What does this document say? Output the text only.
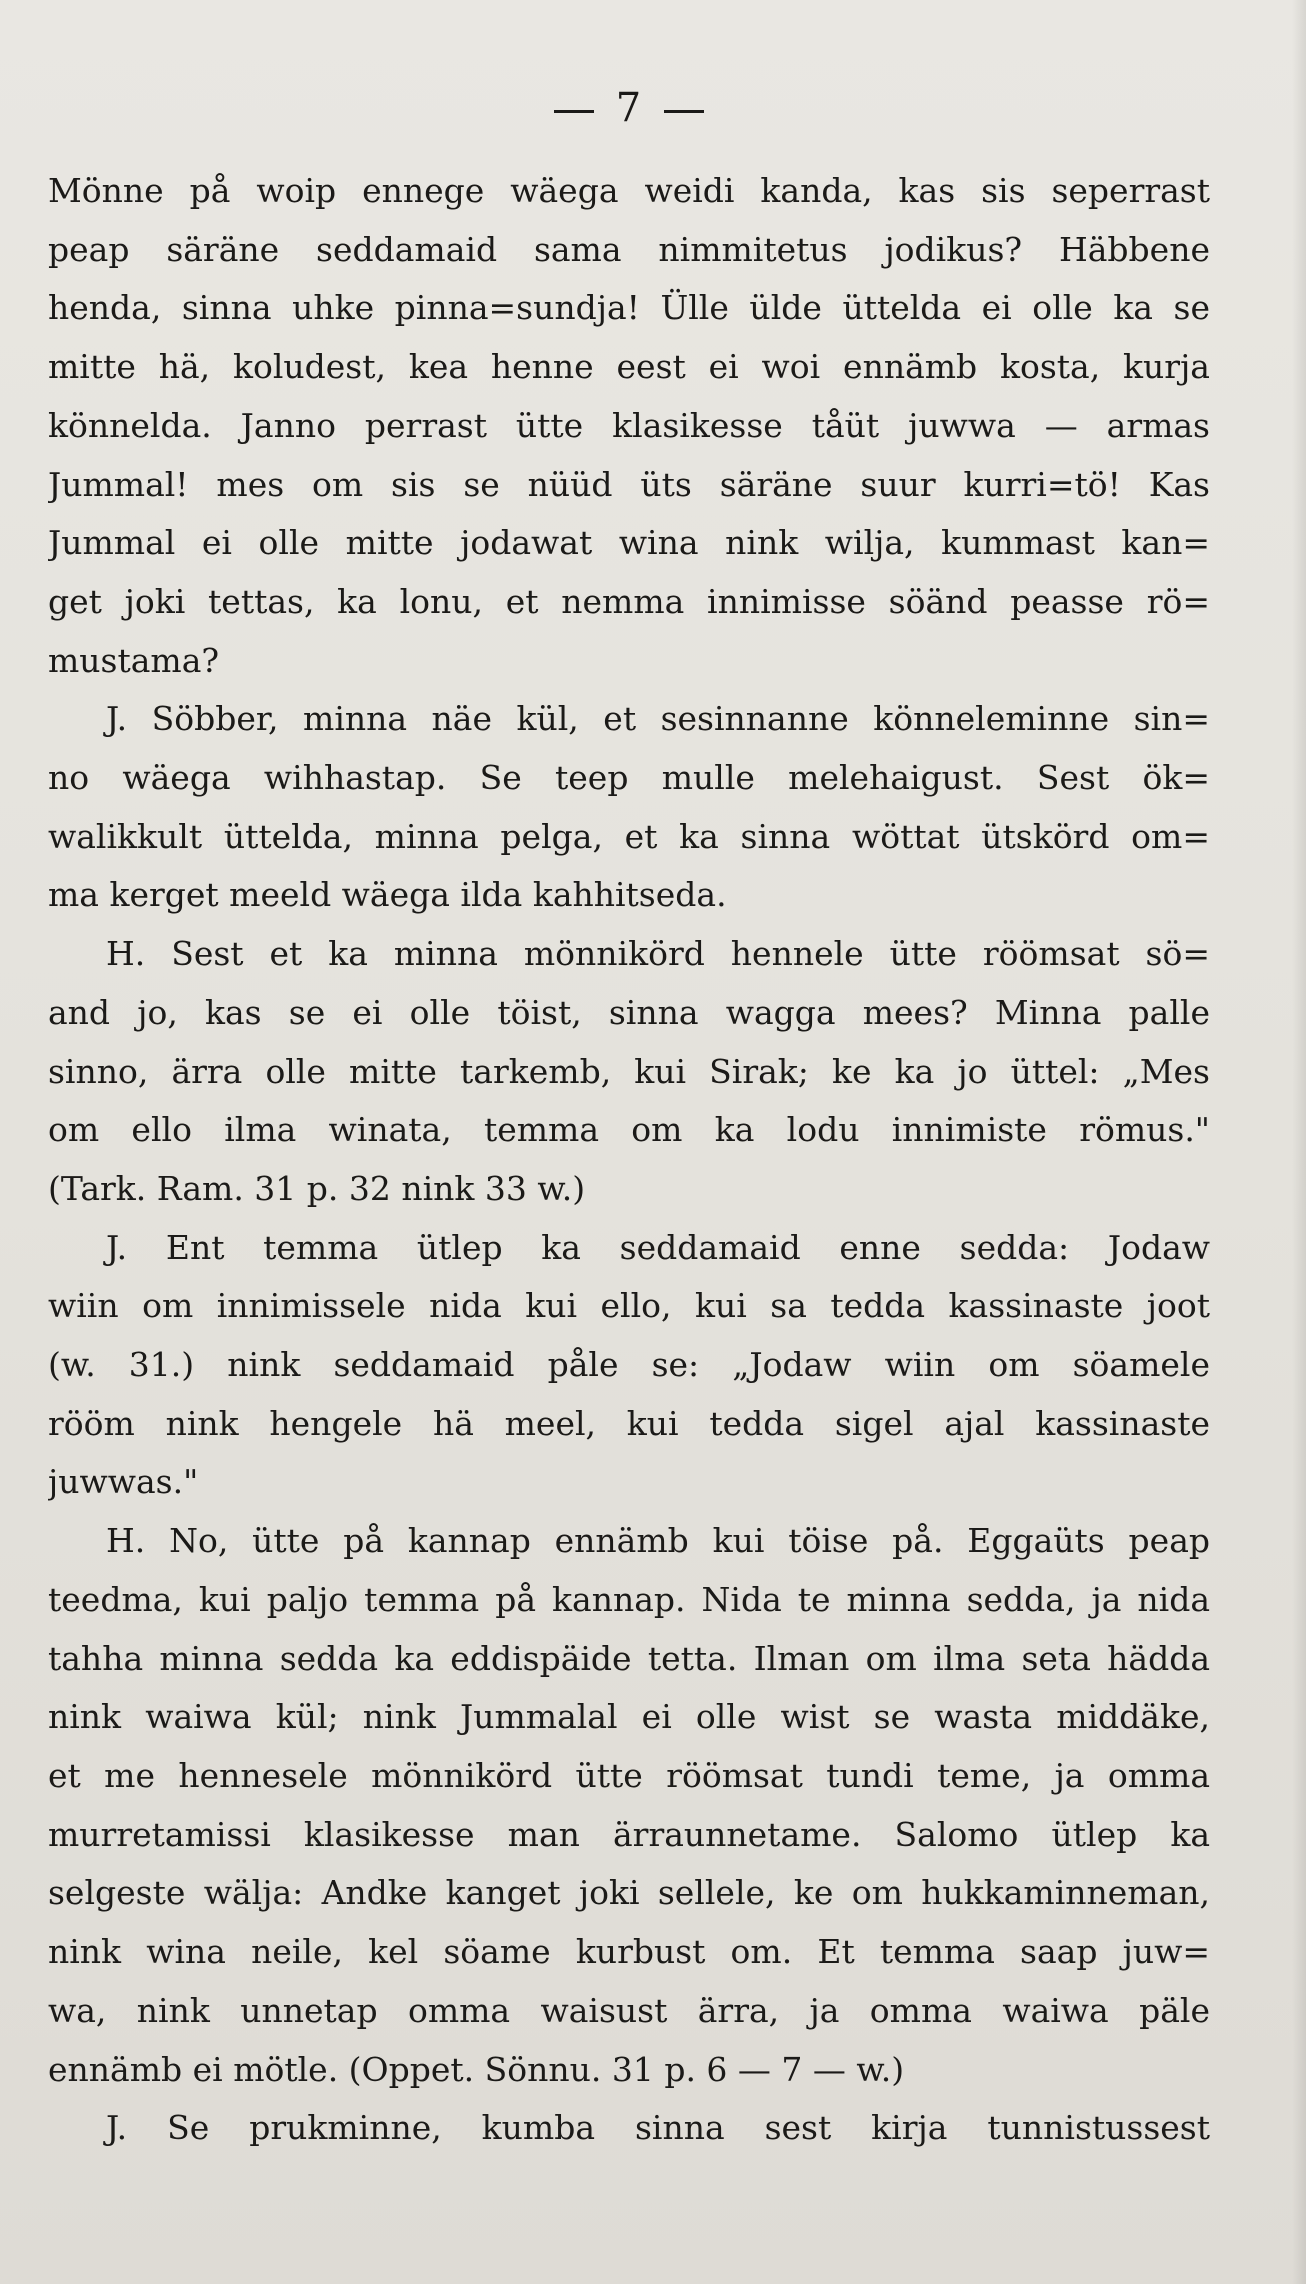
7
Mönne på woip ennege wäega weidi kanda, kas sis seperrast
peap säräne seddamaid sama nimmitetus jodikus? Häbbene
henda, sinna uhke pinna=sundja! Ülle ülde üttelda ei olle ka se
mitte hä, koludest, kea henne eest ei woi ennämb kosta, kurja
könnelda. Janno perrast ütte klasikesse tåüt juwwa — armas
Jummal! mes om sis se nüüd üts säräne suur kurri=tö! Kas
Jummal ei olle mitte jodawat wina nink wilja, kummast kan=
get joki tettas, ka lonu, et nemma innimisse söänd peasse rö=
mustama?
J. Söbber, minna näe kül, et sesinnanne könneleminne sin=
no wäega wihhastap. Se teep mulle melehaigust. Sest ök=
walikkult üttelda, minna pelga, et ka sinna wöttat ütskörd om=
ma kerget meeld wäega ilda kahhitseda.
H. Sest et ka minna mönnikörd hennele ütte röömsat sö=
and jo, kas se ei olle töist, sinna wagga mees? Minna palle
sinno, ärra olle mitte tarkemb, kui Sirak; ke ka jo üttel: „Mes
om ello ilma winata, temma om ka lodu innimiste römus."
(Tark. Ram. 31 p. 32 nink 33 w.)
J. Ent temma ütlep ka seddamaid enne sedda: Jodaw
wiin om innimissele nida kui ello, kui sa tedda kassinaste joot
(w. 31.) nink seddamaid påle se: „Jodaw wiin om söamele
rööm nink hengele hä meel, kui tedda sigel ajal kassinaste
juwwas."
H. No, ütte på kannap ennämb kui töise på. Eggaüts peap
teedma, kui paljo temma på kannap. Nida te minna sedda, ja nida
tahha minna sedda ka eddispäide tetta. Ilman om ilma seta hädda
nink waiwa kül; nink Jummalal ei olle wist se wasta middäke,
et me hennesele mönnikörd ütte röömsat tundi teme, ja omma
murretamissi klasikesse man ärraunnetame. Salomo ütlep ka
selgeste wälja: Andke kanget joki sellele, ke om hukkaminneman,
nink wina neile, kel söame kurbust om. Et temma saap juw=
wa, nink unnetap omma waisust ärra, ja omma waiwa päle
ennämb ei mötle. (Oppet. Sönnu. 31 p. 6 — 7 — w.)
J. Se prukminne, kumba sinna sest kirja tunnistussest
